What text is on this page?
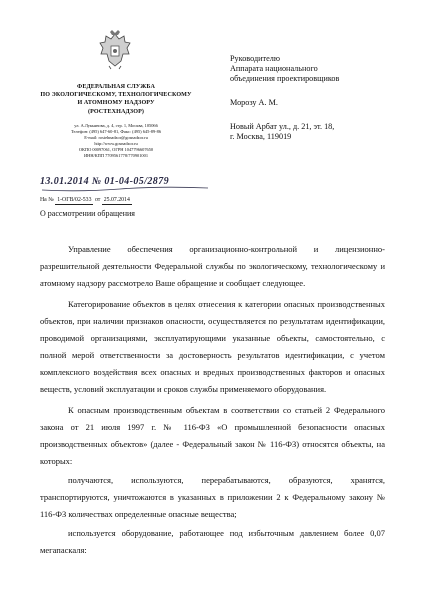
ФЕДЕРАЛЬНАЯ СЛУЖБА
ПО ЭКОЛОГИЧЕСКОМУ, ТЕХНОЛОГИЧЕСКОМУ
И АТОМНОМУ НАДЗОРУ
(РОСТЕХНАДЗОР)
ул. А.Лукьянова, д. 4, стр. 1, Москва, 105066
Телефон: (495) 647-60-81, Факс: (495) 645-89-86
E-mail: rostehnadzor@gosnadzor.ru
http://www.gosnadzor.ru
ОКПО 00097061, ОГРН 1047796607650
ИНН/КПП 7709561778/770901001
13.01.2014 № 01-04-05/2879
На № 1-ОГВ/02-533 от 25.07.2014
О рассмотрении обращения
Руководителю
Аппарата национального
объединения проектировщиков
Морозу А. М.
Новый Арбат ул., д. 21, эт. 18,
г. Москва, 119019

Управление обеспечения организационно-контрольной и лицензионно-разрешительной деятельности Федеральной службы по экологическому, технологическому и атомному надзору рассмотрело Ваше обращение и сообщает следующее.

Категорирование объектов в целях отнесения к категории опасных производственных объектов, при наличии признаков опасности, осуществляется по результатам идентификации, проводимой организациями, эксплуатирующими указанные объекты, самостоятельно, с полной мерой ответственности за достоверность результатов идентификации, с учетом комплексного воздействия всех опасных и вредных производственных факторов и опасных веществ, условий эксплуатации и сроков службы применяемого оборудования.

К опасным производственным объектам в соответствии со статьей 2 Федерального закона от 21 июля 1997 г. № 116-ФЗ «О промышленной безопасности опасных производственных объектов» (далее - Федеральный закон № 116-ФЗ) относятся объекты, на которых:

получаются, используются, перерабатываются, образуются, хранятся, транспортируются, уничтожаются в указанных в приложении 2 к Федеральному закону № 116-ФЗ количествах определенные опасные вещества;

используется оборудование, работающее под избыточным давлением более 0,07 мегапаскаля:
